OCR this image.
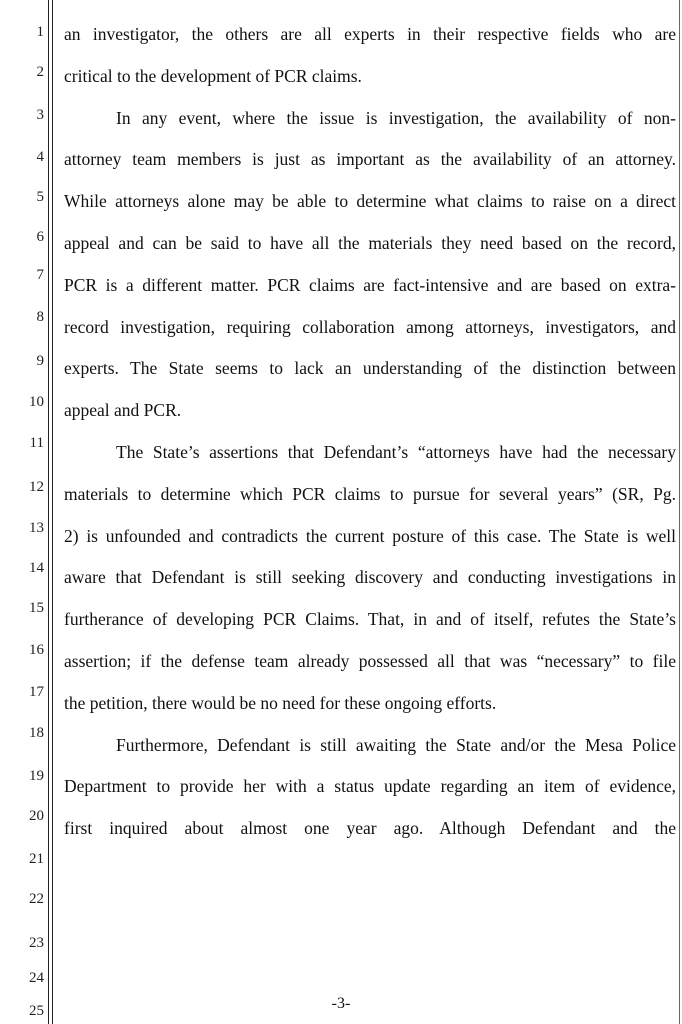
1
2
3
4
5
6
7
8
9
10
11
12
13
14
15
16
17
18
19
20
21
22
23
24
25
an investigator, the others are all experts in their respective fields who are
critical to the development of PCR claims.
In any event, where the issue is investigation, the availability of non-
attorney team members is just as important as the availability of an attorney.
While attorneys alone may be able to determine what claims to raise on a direct
appeal and can be said to have all the materials they need based on the record,
PCR is a different matter. PCR claims are fact-intensive and are based on extra-
record investigation, requiring collaboration among attorneys, investigators, and
experts. The State seems to lack an understanding of the distinction between
appeal and PCR.
The State’s assertions that Defendant’s “attorneys have had the necessary
materials to determine which PCR claims to pursue for several years” (SR, Pg.
2) is unfounded and contradicts the current posture of this case. The State is well
aware that Defendant is still seeking discovery and conducting investigations in
furtherance of developing PCR Claims. That, in and of itself, refutes the State’s
assertion; if the defense team already possessed all that was “necessary” to file
the petition, there would be no need for these ongoing efforts.
Furthermore, Defendant is still awaiting the State and/or the Mesa Police
Department to provide her with a status update regarding an item of evidence,
first inquired about almost one year ago. Although Defendant and the
-3-
